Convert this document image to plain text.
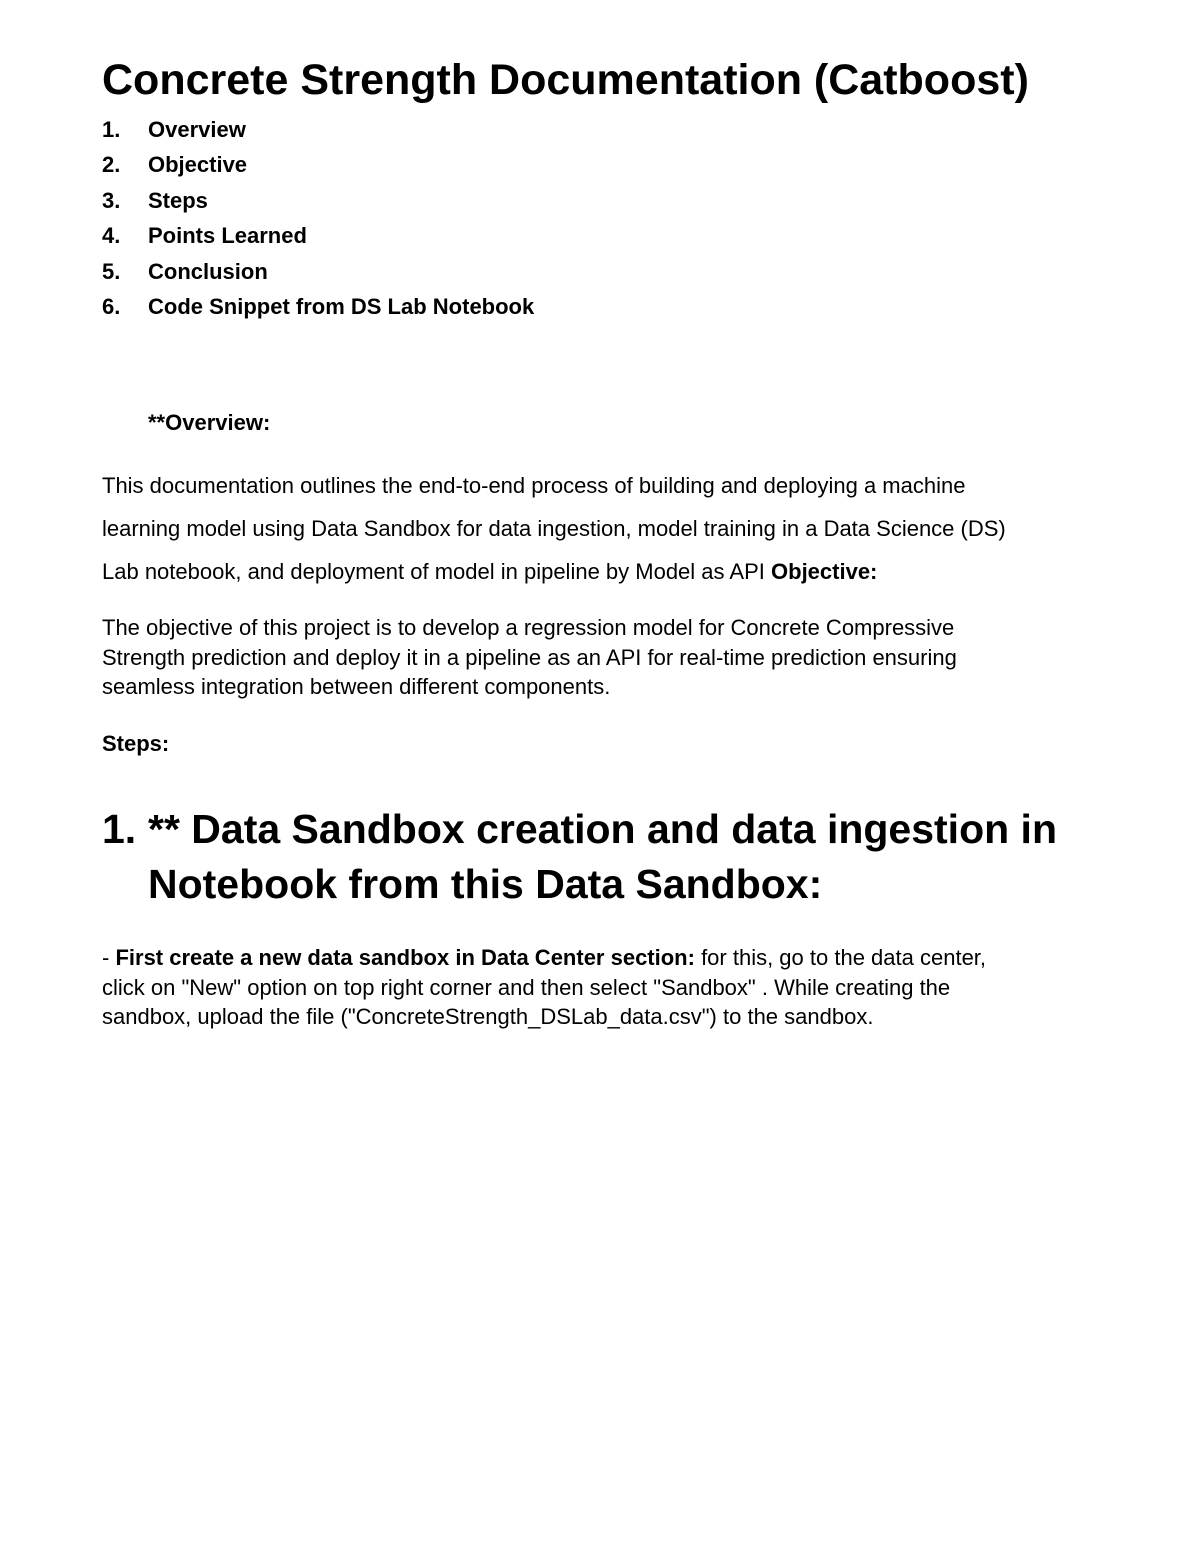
Concrete Strength Documentation (Catboost)
1. Overview
2. Objective
3. Steps
4. Points Learned
5. Conclusion
6. Code Snippet from DS Lab Notebook

**Overview:

This documentation outlines the end-to-end process of building and deploying a machine
learning model using Data Sandbox for data ingestion, model training in a Data Science (DS)
Lab notebook, and deployment of model in pipeline by Model as API Objective:

The objective of this project is to develop a regression model for Concrete Compressive
Strength prediction and deploy it in a pipeline as an API for real-time prediction ensuring
seamless integration between different components.

Steps:

1. ** Data Sandbox creation and data ingestion in
Notebook from this Data Sandbox:

- First create a new data sandbox in Data Center section: for this, go to the data center,
click on "New" option on top right corner and then select "Sandbox" . While creating the
sandbox, upload the file ("ConcreteStrength_DSLab_data.csv") to the sandbox.
